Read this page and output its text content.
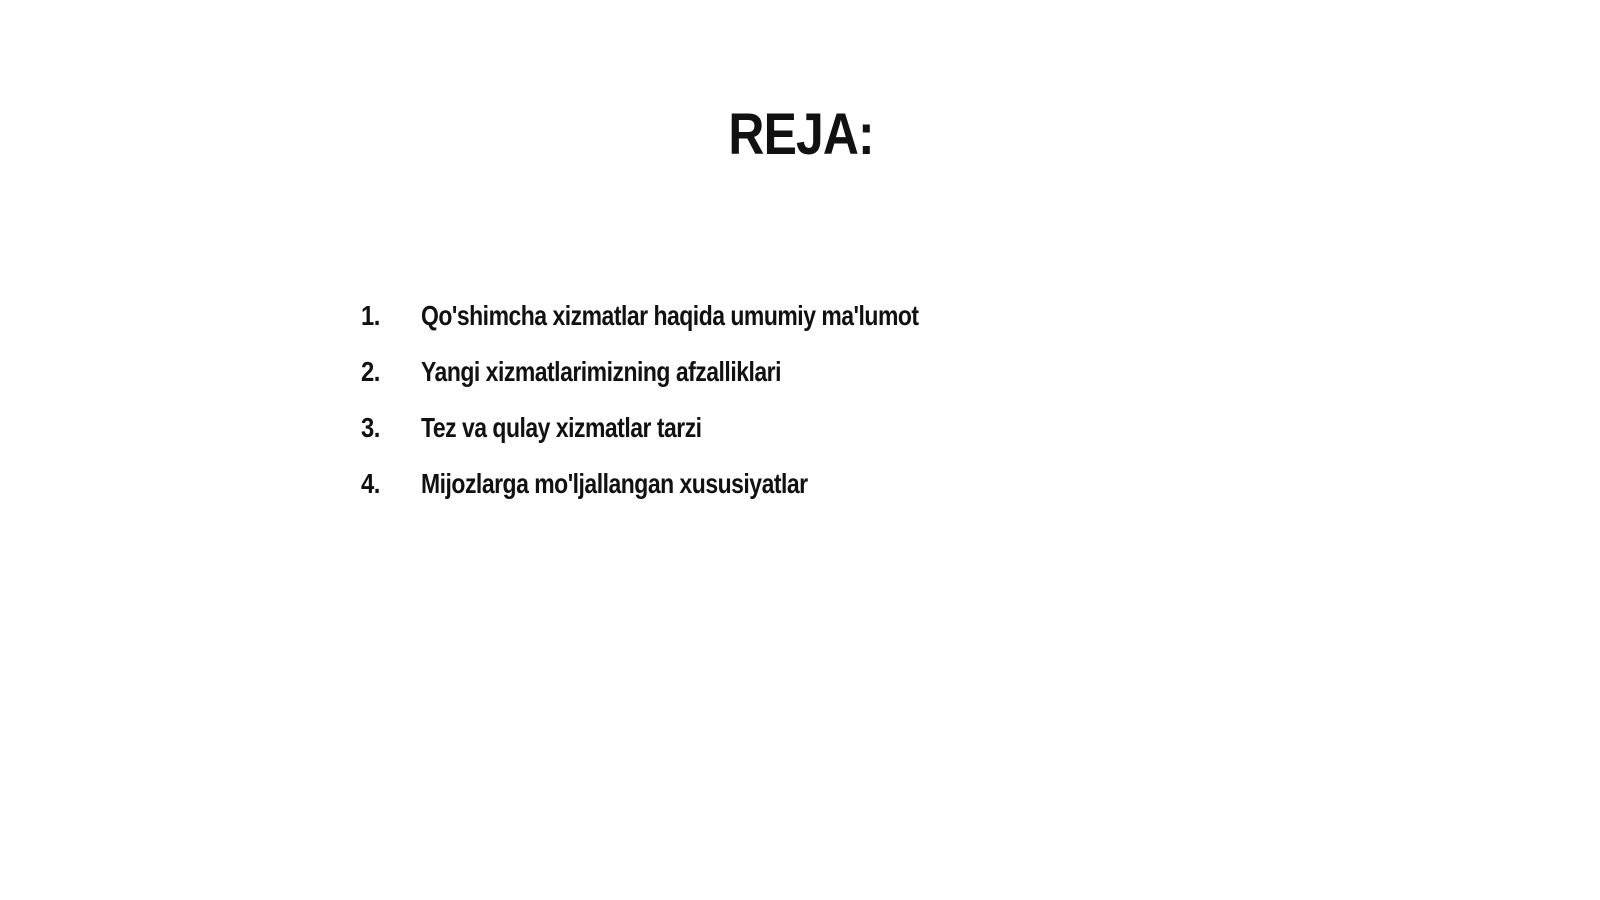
REJA:
1.	Qo'shimcha xizmatlar haqida umumiy ma'lumot
2.	Yangi xizmatlarimizning afzalliklari
3.	Tez va qulay xizmatlar tarzi
4.	Mijozlarga mo'ljallangan xususiyatlar
